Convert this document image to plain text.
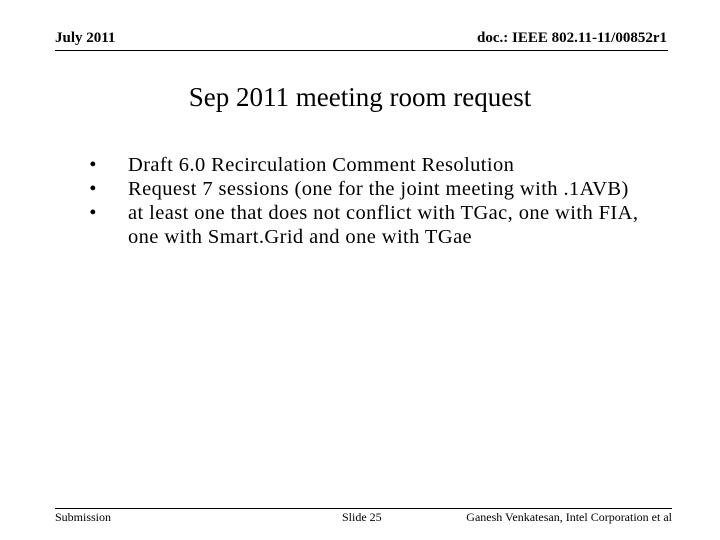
July 2011	doc.: IEEE 802.11-11/00852r1
Sep 2011 meeting room request
• Draft 6.0 Recirculation Comment Resolution
• Request 7 sessions (one for the joint meeting with .1AVB)
• at least one that does not conflict with TGac, one with FIA, one with Smart.Grid and one with TGae
Submission	Slide 25	Ganesh Venkatesan, Intel Corporation et al
